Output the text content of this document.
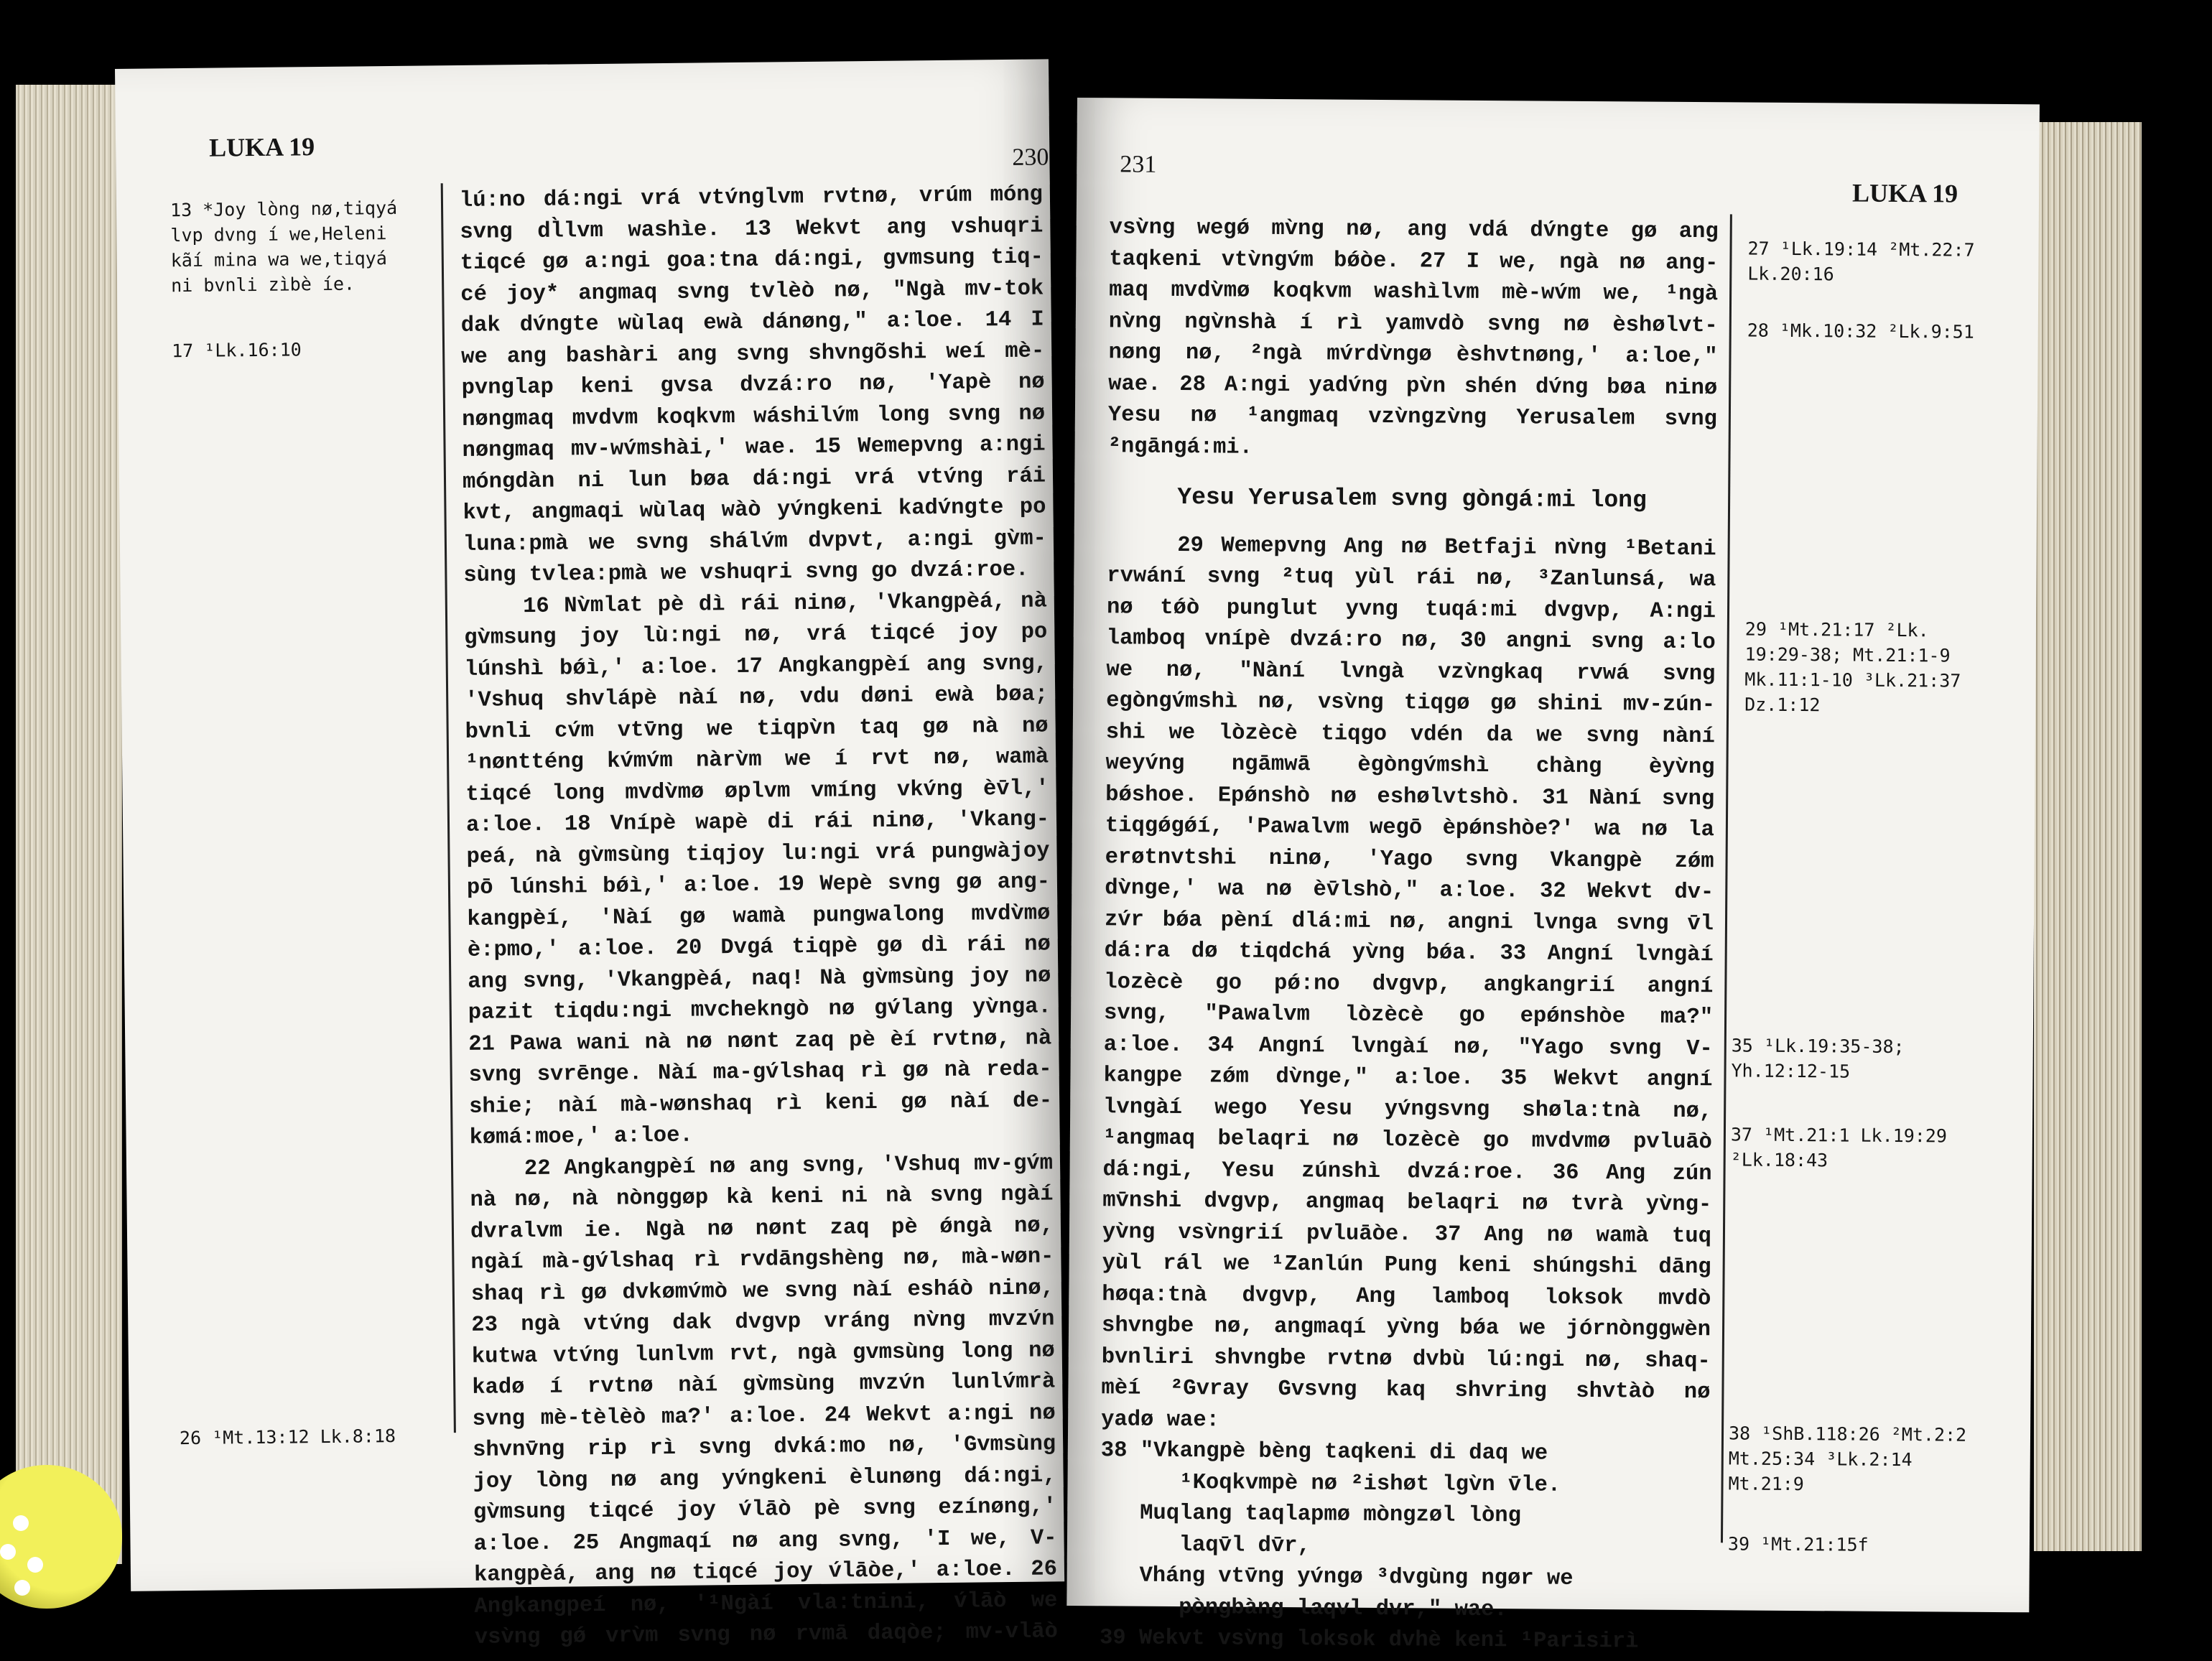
LUKA 19	230
13 *Joy lòng nø,tiqyá
lvp dvng í we,Heleni
kãí mina wa we,tiqyá
ni bvnli zìbè íe.
17 ¹Lk.16:10
26 ¹Mt.13:12 Lk.8:18
lú:no dá:ngi vrá vtv́nglvm rvtnø, vrúm móng
svng dl̀lvm washìe. 13 Wekvt ang vshuqri
tiqcé gø a:ngi goa:tna dá:ngi, gvmsung tiq-
cé joy* angmaq svng tvlèò nø, "Ngà mv-tok
dak dv́ngte wùlaq ewà dánøng," a:loe. 14 I
we ang bashàri ang svng shvngõshi weí mè-
pvnglap keni gvsa dvzá:ro nø, 'Yapè nø
nøngmaq mvdvm koqkvm wáshilv́m long svng nø
nøngmaq mv-wv́mshài,' wae. 15 Wemepvng a:ngi
móngdàn ni lun bøa dá:ngi vrá vtv́ng rái
kvt, angmaqi wùlaq wàò yv́ngkeni kadv́ngte po
luna:pmà we svng shálv́m dvpvt, a:ngi gv̀m-
sùng tvlea:pmà we vshuqri svng go dvzá:roe.
16 Nv̀mlat pè dì rái ninø, 'Vkangpèá, nà
gv̀msung joy lù:ngi nø, vrá tiqcé joy po
lúnshì bǿì,' a:loe. 17 Angkangpèí ang svng,
'Vshuq shvlápè nàí nø, vdu døni ewà bøa;
bvnli cv́m vtv̄ng we tiqpv̀n taq gø nà nø
¹nøntténg kv́mv́m nàrv̀m we í rvt nø, wamà
tiqcé long mvdv̀mø øplvm vmíng vkv́ng èv̄l,'
a:loe. 18 Vnípè wapè di rái ninø, 'Vkang-
peá, nà gv̀msùng tiqjoy lu:ngi vrá pungwàjoy
pō lúnshi bǿì,' a:loe. 19 Wepè svng gø ang-
kangpèí, 'Nàí gø wamà pungwalong mvdv̀mø
è:pmo,' a:loe. 20 Dvgá tiqpè gø dì rái nø
ang svng, 'Vkangpèá, naq! Nà gv̀msùng joy nø
pazit tiqdu:ngi mvchekngò nø gv́lang yv̀nga.
21 Pawa wani nà nø nønt zaq pè èí rvtnø, nà
svng svrēnge. Nàí ma-gv́lshaq rì gø nà reda-
shie; nàí mà-wønshaq rì keni gø nàí de-
kømá:moe,' a:loe.
22 Angkangpèí nø ang svng, 'Vshuq mv-gv́m
nà nø, nà nònggøp kà keni ni nà svng ngàí
dvralvm ie. Ngà nø nønt zaq pè ǿngà nø,
ngàí mà-gv́lshaq rì rvdāngshèng nø, mà-wøn-
shaq rì gø dvkømv́mò we svng nàí esháò ninø,
23 ngà vtv́ng dak dvgvp vráng nv̀ng mvzv́n
kutwa vtv́ng lunlvm rvt, ngà gvmsùng long nø
kadø í rvtnø nàí gv̀msùng mvzv́n lunlv́mrà
svng mè-tèlèò ma?' a:loe. 24 Wekvt a:ngi nø
shvnv̄ng rip rì svng dvká:mo nø, 'Gvmsùng
joy lòng nø ang yv́ngkeni èlunøng dá:ngi,
gv̀msung tiqcé joy v́lāò pè svng ezínøng,'
a:loe. 25 Angmaqí nø ang svng, 'I we, V-
kangpèá, ang nø tiqcé joy v́lāòe,' a:loe. 26
Angkangpeí nø, '¹Ngàí vla:tnini, v́lāò we
vsv̀ng gǿ vrv̀m svng nø rvmā daqòe; mv-vlāò
231
LUKA 19
27 ¹Lk.19:14 ²Mt.22:7
Lk.20:16
28 ¹Mk.10:32 ²Lk.9:51
29 ¹Mt.21:17 ²Lk.
19:29-38; Mt.21:1-9
Mk.11:1-10 ³Lk.21:37
Dz.1:12
35 ¹Lk.19:35-38;
Yh.12:12-15
37 ¹Mt.21:1 Lk.19:29
²Lk.18:43
38 ¹ShB.118:26 ²Mt.2:2
Mt.25:34 ³Lk.2:14
Mt.21:9
39 ¹Mt.21:15f
vsv̀ng wegǿ mv̀ng nø, ang vdá dv́ngte gø ang
taqkeni vtv̀ngv́m bǿòe. 27 I we, ngà nø ang-
maq mvdv̀mø koqkvm washìlvm mè-wv́m we, ¹ngà
nv̀ng ngv̀nshà í rì yamvdò svng nø èshølvt-
nøng nø, ²ngà mv́rdv̀ngø èshvtnøng,' a:loe,"
wae. 28 A:ngi yadv́ng pv̀n shén dv́ng bøa ninø
Yesu nø ¹angmaq vzv̀ngzv̀ng Yerusalem svng
²ngāngá:mi.
Yesu Yerusalem svng gòngá:mi long
29 Wemepvng Ang nø Betfaji nv̀ng ¹Betani
rvwání svng ²tuq yùl rái nø, ³Zanlunsá, wa
nø tǿò punglut yvng tuqá:mi dvgvp, A:ngi
lamboq vnípè dvzá:ro nø, 30 angni svng a:lo
we nø, "Nàní lvngà vzv̀ngkaq rvwá svng
egòngv́mshì nø, vsv̀ng tiqgø gø shini mv-zún-
shi we lòzècè tiqgo vdén da we svng nàní
weyv́ng ngāmwā ègòngv́mshì chàng èyv̀ng
bǿshoe. Epǿnshò nø eshølvtshò. 31 Nàní svng
tiqgǿgǿí, 'Pawalvm wegō èpǿnshòe?' wa nø la
erøtnvtshi ninø, 'Yago svng Vkangpè zǿm
dv̀nge,' wa nø èv̄lshò," a:loe. 32 Wekvt dv-
zv́r bǿa pèní dlá:mi nø, angni lvnga svng v̄l
dá:ra dø tiqdchá yv̀ng bǿa. 33 Angní lvngàí
lozècè go pǿ:no dvgvp, angkangrií angní
svng, "Pawalvm lòzècè go epǿnshòe ma?"
a:loe. 34 Angní lvngàí nø, "Yago svng V-
kangpe zǿm dv̀nge," a:loe. 35 Wekvt angní
lvngàí wego Yesu yv́ngsvng shøla:tnà nø,
¹angmaq belaqri nø lozècè go mvdvmø pvluāò
dá:ngi, Yesu zúnshì dvzá:roe. 36 Ang zún
mv̄nshi dvgvp, angmaq belaqri nø tvrà yv̀ng-
yv̀ng vsv̀ngrií pvluāòe. 37 Ang nø wamà tuq
yùl rál we ¹Zanlún Pung keni shúngshi dāng
høqa:tnà dvgvp, Ang lamboq loksok mvdò
shvngbe nø, angmaqí yv̀ng bǿa we jórnònggwèn
bvnliri shvngbe rvtnø dvbù lú:ngi nø, shaq-
mèí ²Gvray Gvsvng kaq shvring shvtàò nø
yadø wae:
38 "Vkangpè bèng taqkeni di daq we
¹Koqkvmpè nø ²ishøt lgv̀n v̄le.
Muqlang taqlapmø mòngzøl lòng
laqv̄l dv̄r,
Vháng vtv̄ng yv́ngø ³dvgùng ngør we
pòngbàng laqvl dvr," wae.
39 Wekvt vsv̀ng loksok dvhè keni ¹Parisirì
